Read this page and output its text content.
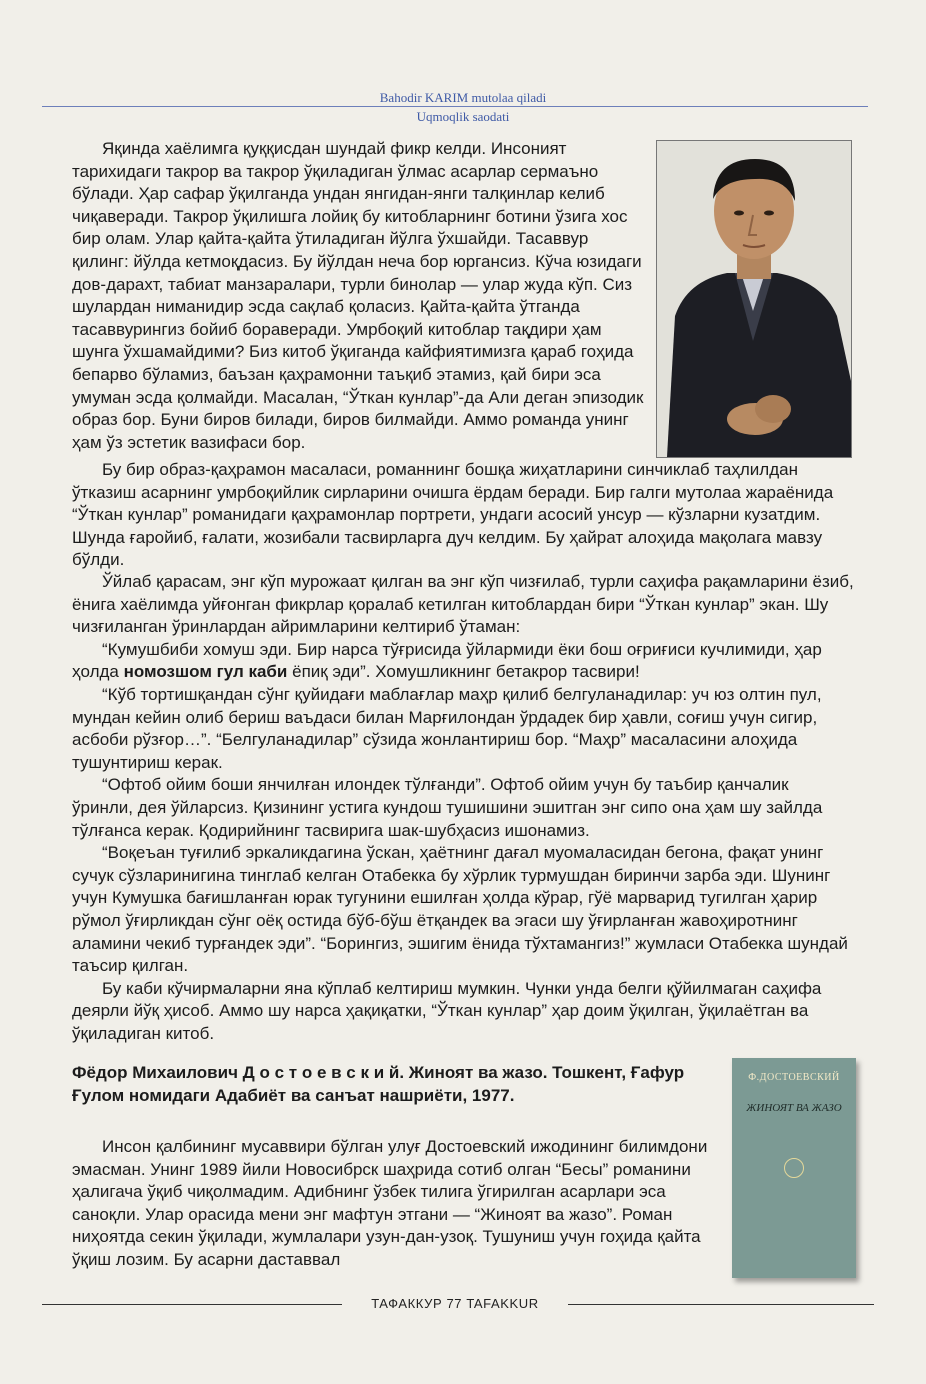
Bahodir KARIM mutolaa qiladi
Uqmoqlik saodati

Яқинда хаёлимга қуққисдан шундай фикр келди. Инсоният тарихидаги такрор ва такрор ўқиладиган ўлмас асарлар сермаъно бўлади. Ҳар сафар ўқилганда ундан янгидан-янги талқинлар келиб чиқаверади. Такрор ўқилишга лойиқ бу китобларнинг ботини ўзига хос бир олам. Улар қайта-қайта ўтиладиган йўлга ўхшайди. Тасаввур қилинг: йўлда кетмоқдасиз. Бу йўлдан неча бор юргансиз. Кўча юзидаги дов-дарахт, табиат манзаралари, турли бинолар — улар жуда кўп. Сиз шулардан ниманидир эсда сақлаб қоласиз. Қайта-қайта ўтганда тасаввурингиз бойиб бораверади. Умрбоқий китоблар тақдири ҳам шунга ўхшамайдими? Биз китоб ўқиганда кайфиятимизга қараб гоҳида бепарво бўламиз, баъзан қаҳрамонни таъқиб этамиз, қай бири эса умуман эсда қолмайди. Масалан, “Ўткан кунлар”-да Али деган эпизодик образ бор. Буни биров билади, биров билмайди. Аммо романда унинг ҳам ўз эстетик вазифаси бор.

Бу бир образ-қаҳрамон масаласи, романнинг бошқа жиҳатларини синчиклаб таҳлилдан ўтказиш асарнинг умрбоқийлик сирларини очишга ёрдам беради. Бир галги мутолаа жараёнида “Ўткан кунлар” романидаги қаҳрамонлар портрети, ундаги асосий унсур — кўзларни кузатдим. Шунда ғаройиб, ғалати, жозибали тасвирларга дуч келдим. Бу ҳайрат алоҳида мақолага мавзу бўлди.

Ўйлаб қарасам, энг кўп мурожаат қилган ва энг кўп чизғилаб, турли саҳифа рақамларини ёзиб, ёнига хаёлимда уйғонган фикрлар қоралаб кетилган китоблардан бири “Ўткан кунлар” экан. Шу чизғиланган ўринлардан айримларини келтириб ўтаман:

“Кумушбиби хомуш эди. Бир нарса тўғрисида ўйлармиди ёки бош оғриғиси кучлимиди, ҳар ҳолда номозшом гул каби ёпиқ эди”. Хомушликнинг бетакрор тасвири!

“Кўб тортишқандан сўнг қуйидағи маблағлар маҳр қилиб белгуланадилар: уч юз олтин пул, мундан кейин олиб бериш ваъдаси билан Марғилондан ўрдадек бир ҳавли, соғиш учун сигир, асбоби рўзғор…”. “Белгуланадилар” сўзида жонлантириш бор. “Маҳр” масаласини алоҳида тушунтириш керак.

“Офтоб ойим боши янчилған илондек тўлғанди”. Офтоб ойим учун бу таъбир қанчалик ўринли, дея ўйларсиз. Қизининг устига кундош тушишини эшитган энг сипо она ҳам шу зайлда тўлғанса керак. Қодирийнинг тасвирига шак-шубҳасиз ишонамиз.

“Воқеъан туғилиб эркаликдагина ўскан, ҳаётнинг дағал муомаласидан бегона, фақат унинг сучук сўзларинигина тинглаб келган Отабекка бу хўрлик турмушдан биринчи зарба эди. Шунинг учун Кумушка бағишланған юрак тугунини ешилған ҳолда кўрар, гўё марварид тугилган ҳарир рўмол ўғирликдан сўнг оёқ остида бўб-бўш ётқандек ва эгаси шу ўғирланған жавоҳиротнинг аламини чекиб турғандек эди”. “Борингиз, эшигим ёнида тўхтамангиз!” жумласи Отабекка шундай таъсир қилган.

Бу каби кўчирмаларни яна кўплаб келтириш мумкин. Чунки унда белги қўйилмаган саҳифа деярли йўқ ҳисоб. Аммо шу нарса ҳақиқатки, “Ўткан кунлар” ҳар доим ўқилган, ўқилаётган ва ўқиладиган китоб.

Фёдор Михаилович Д о с т о е в с к и й. Жиноят ва жазо. Тошкент, Ғафур Ғулом номидаги Адабиёт ва санъат нашриёти, 1977.
Ф.ДОСТОЕВСКИЙ
ЖИНОЯТ ВА ЖАЗО

Инсон қалбининг мусаввири бўлган улуғ Достоевский ижодининг билимдони эмасман. Унинг 1989 йили Новосибрск шаҳрида сотиб олган “Бесы” романини ҳалигача ўқиб чиқолмадим. Адибнинг ўзбек тилига ўгирилган асарлари эса саноқли. Улар орасида мени энг мафтун этгани — “Жиноят ва жазо”. Роман ниҳоятда секин ўқилади, жумлалари узун-дан-узоқ. Тушуниш учун гоҳида қайта ўқиш лозим. Бу асарни даставвал

ТАФАККУР 77 TAFAKKUR
